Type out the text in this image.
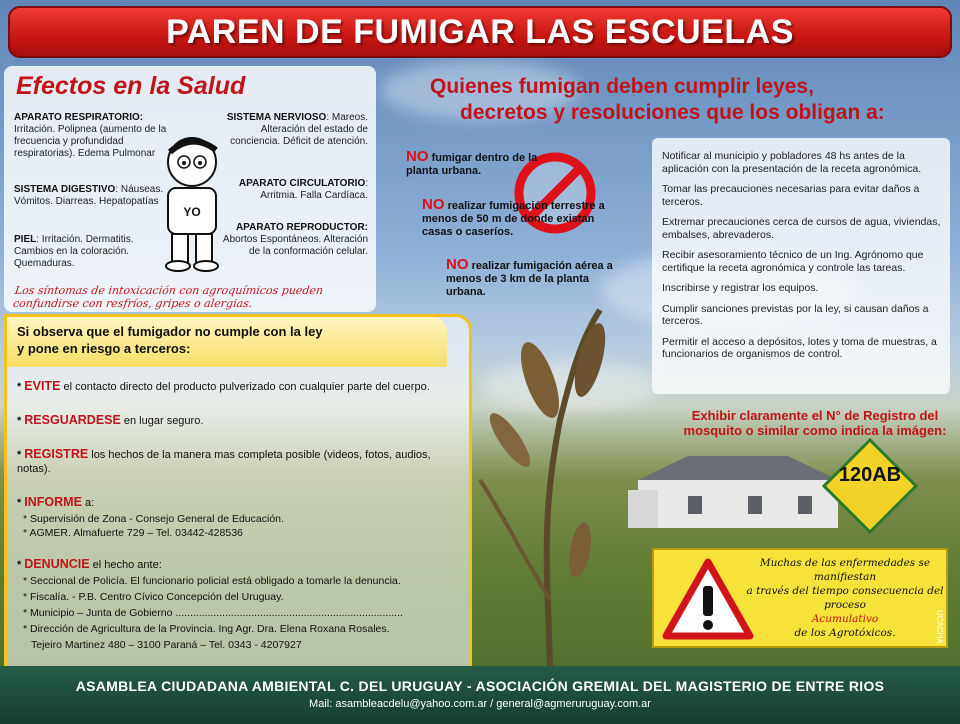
PAREN DE FUMIGAR LAS ESCUELAS
Efectos en la Salud
APARATO RESPIRATORIO:
Irritación. Polipnea (aumento de la frecuencia y profundidad respiratorias). Edema Pulmonar
SISTEMA DIGESTIVO: Náuseas. Vómitos. Diarreas. Hepatopatías
PIEL: Irritación. Dermatitis. Cambios en la coloración. Quemaduras.
SISTEMA NERVIOSO: Mareos. Alteración del estado de conciencia. Déficit de atención.
APARATO CIRCULATORIO: Arritmia. Falla Cardíaca.
APARATO REPRODUCTOR:
Abortos Espontáneos. Alteración de la conformación celular.
YO
Los síntomas de intoxicación con agroquímicos pueden confundirse con resfríos, gripes o alergias.
Quienes fumigan deben cumplir leyes,
decretos y resoluciones que los obligan a:
NO fumigar dentro de la planta urbana.
NO realizar fumigación terrestre a menos de 50 m de donde existan casas o caseríos.
NO realizar fumigación aérea a menos de 3 km de la planta urbana.

Notificar al municipio y pobladores 48 hs antes de la aplicación con la presentación de la receta agronómica.

Tomar las precauciones necesarias para evitar daños a terceros.

Extremar precauciones cerca de cursos de agua, viviendas, embalses, abrevaderos.

Recibir asesoramiento técnico de un Ing. Agrónomo que certifique la receta agronómica y controle las tareas.

Inscribirse y registrar los equipos.

Cumplir sanciones previstas por la ley, si causan daños a terceros.

Permitir el acceso a depósitos, lotes y toma de muestras, a funcionarios de organismos de control.

Exhibir claramente el N° de Registro del mosquito o similar como indica la imágen:
120AB
Si observa que el fumigador no cumple con la ley
y pone en riesgo a terceros:
* EVITE el contacto directo del producto pulverizado con cualquier parte del cuerpo.
* RESGUARDESE en lugar seguro.
* REGISTRE los hechos de la manera mas completa posible (videos, fotos, audios, notas).
* INFORME a:
* Supervisión de Zona - Consejo General de Educación.
* AGMER. Almafuerte 729 – Tel. 03442-428536
* DENUNCIE el hecho ante:
* Seccional de Policía. El funcionario policial está obligado a tomarle la denuncia.
* Fiscalía. - P.B. Centro Cívico Concepción del Uruguay.
* Municipio – Junta de Gobierno ..............................................................................
* Dirección de Agricultura de la Provincia. Ing Agr. Dra. Elena Roxana Rosales.
Tejeiro Martinez 480 – 3100 Paraná – Tel. 0343 - 4207927
Muchas de las enfermedades se manifiestan
a través del tiempo consecuencia del proceso
Acumulativo
de los Agrotóxicos.	UCACHA
ASAMBLEA CIUDADANA AMBIENTAL C. DEL URUGUAY - ASOCIACIÓN GREMIAL DEL MAGISTERIO DE ENTRE RIOS
Mail: asambleacdelu@yahoo.com.ar / general@agmeruruguay.com.ar
